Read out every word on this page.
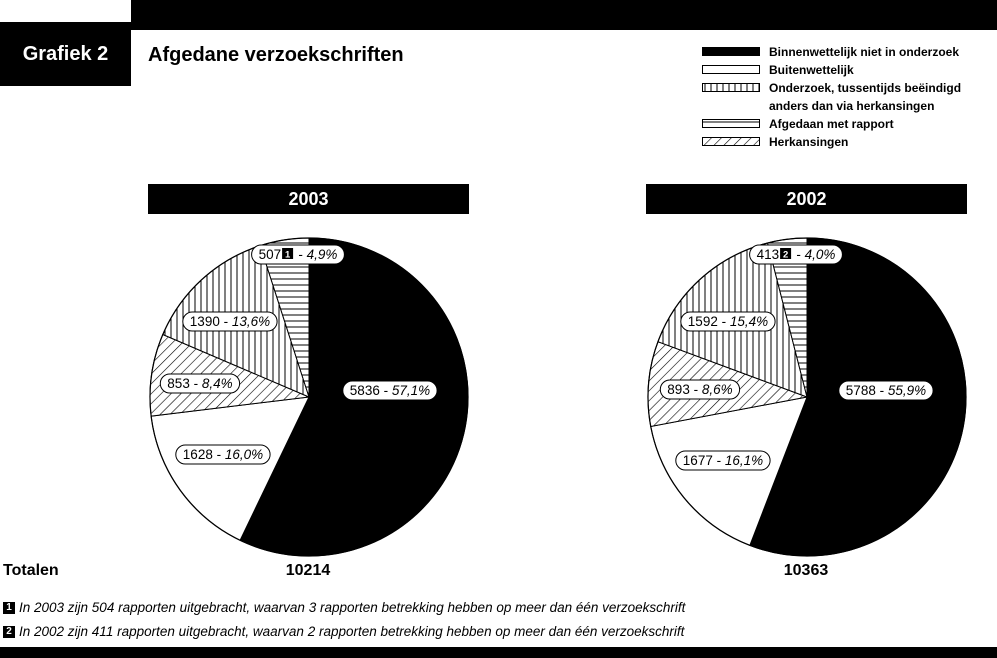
Grafiek 2	Afgedane verzoekschriften	Binnenwettelijk niet in onderzoek
Buitenwettelijk
Onderzoek, tussentijds beëindigd
anders dan via herkansingen
Afgedaan met rapport
Herkansingen
2003	2002
5836 - 57,1%
1628 - 16,0%
853 - 8,4%
1390 - 13,6%
507  - 4,9%
1
5788 - 55,9%
1677 - 16,1%
893 - 8,6%
1592 - 15,4%
413  - 4,0%
2
Totalen	10214	10363
1 In 2003 zijn 504 rapporten uitgebracht, waarvan 3 rapporten betrekking hebben op meer dan één verzoekschrift
2 In 2002 zijn 411 rapporten uitgebracht, waarvan 2 rapporten betrekking hebben op meer dan één verzoekschrift
